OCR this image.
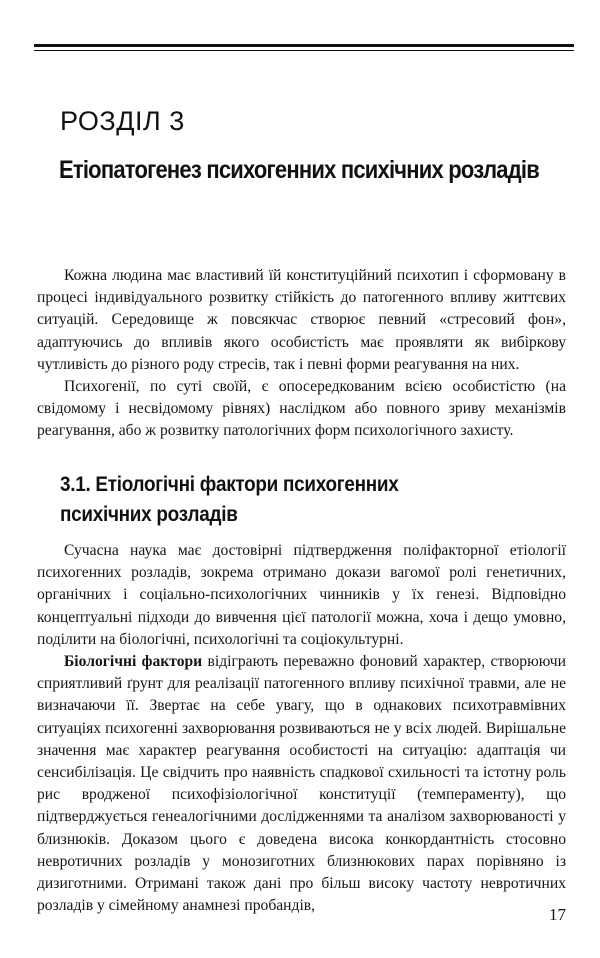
РОЗДІЛ 3
Етіопатогенез психогенних психічних розладів

Кожна людина має властивий їй конституційний психотип і сформовану в процесі індивідуального розвитку стійкість до патогенного впливу життєвих ситуацій. Середовище ж повсякчас створює певний «стресовий фон», адаптуючись до впливів якого особистість має проявляти як вибіркову чутливість до різного роду стресів, так і певні форми реагування на них.

Психогенії, по суті своїй, є опосередкованим всією особистістю (на свідомому і несвідомому рівнях) наслідком або повного зриву механізмів реагування, або ж розвитку патологічних форм психологічного захисту.

3.1. Етіологічні фактори психогенних психічних розладів

Сучасна наука має достовірні підтвердження поліфакторної етіології психогенних розладів, зокрема отримано докази вагомої ролі генетичних, органічних і соціально-психологічних чинників у їх генезі. Відповідно концептуальні підходи до вивчення цієї патології можна, хоча і дещо умовно, поділити на біологічні, психологічні та соціокультурні.

Біологічні фактори відіграють переважно фоновий характер, створюючи сприятливий ґрунт для реалізації патогенного впливу психічної травми, але не визначаючи її. Звертає на себе увагу, що в однакових психотравмівних ситуаціях психогенні захворювання розвиваються не у всіх людей. Вирішальне значення має характер реагування особистості на ситуацію: адаптація чи сенсибілізація. Це свідчить про наявність спадкової схильності та істотну роль рис вродженої психофізіологічної конституції (темпераменту), що підтверджується генеалогічними дослідженнями та аналізом захворюваності у близнюків. Доказом цього є доведена висока конкордантність стосовно невротичних розладів у монозиготних близнюкових парах порівняно із дизиготними. Отримані також дані про більш високу частоту невротичних розладів у сімейному анамнезі пробандів,	17
